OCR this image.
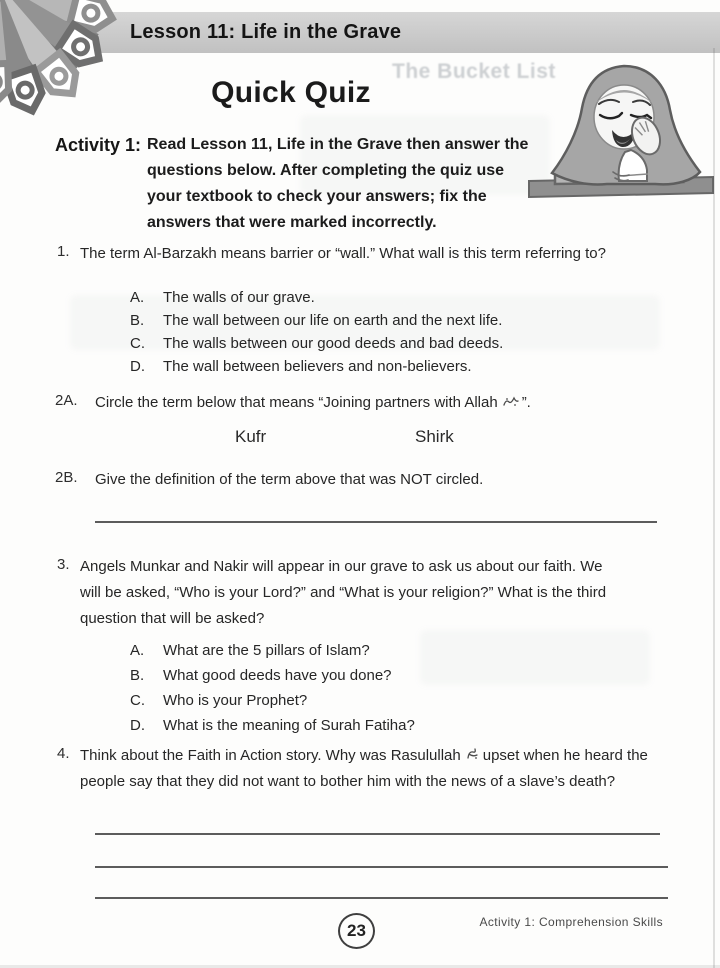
Lesson 11: Life in the Grave
The Bucket List
Quick Quiz
Activity 1: Read Lesson 11, Life in the Grave then answer the questions below. After completing the quiz use your textbook to check your answers; fix the answers that were marked incorrectly.

1. The term Al-Barzakh means barrier or “wall.” What wall is this term referring to?
A.	The walls of our grave.
B.	The wall between our life on earth and the next life.
C.	The walls between our good deeds and bad deeds.
D.	The wall between believers and non-believers.
2A. Circle the term below that means “Joining partners with Allah ”.
Kufr	Shirk
2B. Give the definition of the term above that was NOT circled.
3. Angels Munkar and Nakir will appear in our grave to ask us about our faith. We will be asked, “Who is your Lord?” and “What is your religion?” What is the third question that will be asked?
A.	What are the 5 pillars of Islam?
B.	What good deeds have you done?
C.	Who is your Prophet?
D.	What is the meaning of Surah Fatiha?
4. Think about the Faith in Action story. Why was Rasulullah upset when he heard the people say that they did not want to bother him with the news of a slave’s death?
23	Activity 1: Comprehension Skills
